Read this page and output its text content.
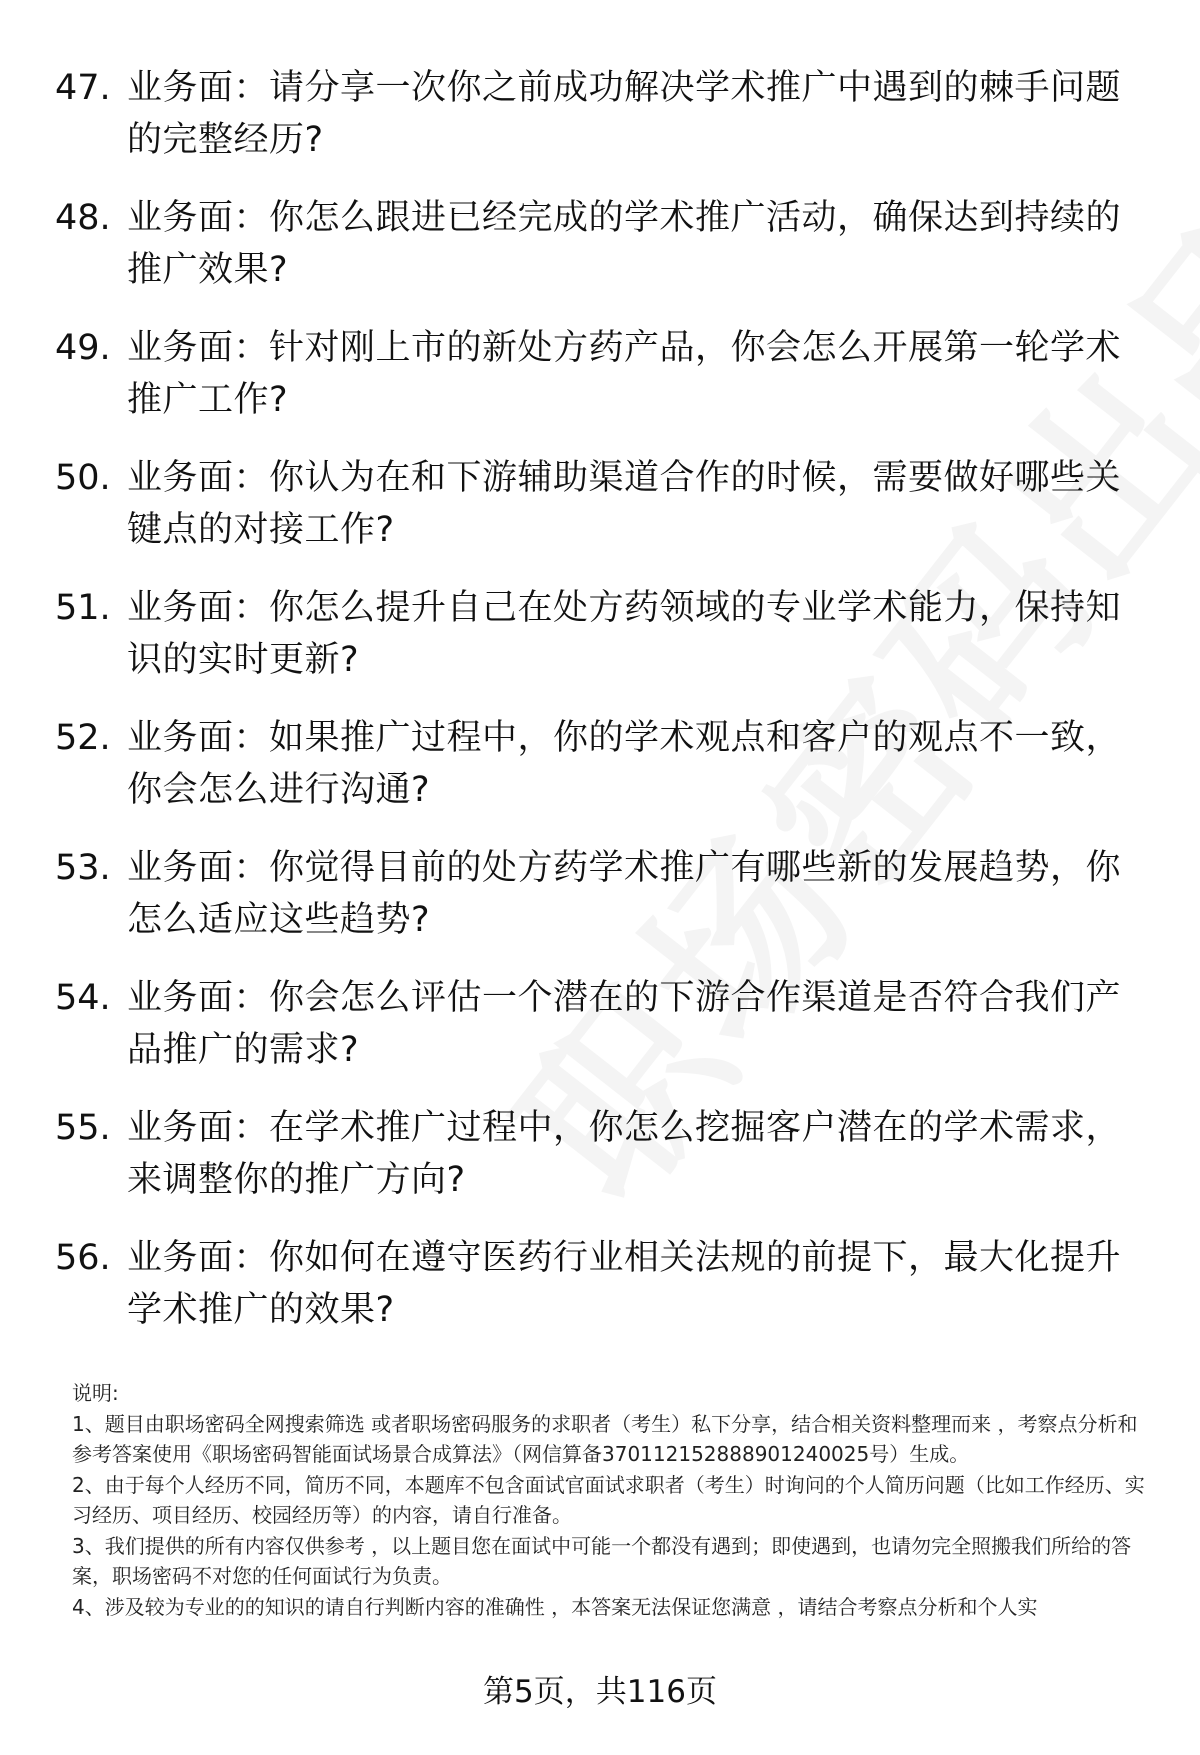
47. 业务面：请分享一次你之前成功解决学术推广中遇到的棘手问题的完整经历?
48. 业务面：你怎么跟进已经完成的学术推广活动，确保达到持续的推广效果?
49. 业务面：针对刚上市的新处方药产品，你会怎么开展第一轮学术推广工作?
50. 业务面：你认为在和下游辅助渠道合作的时候，需要做好哪些关键点的对接工作?
51. 业务面：你怎么提升自己在处方药领域的专业学术能力，保持知识的实时更新?
52. 业务面：如果推广过程中，你的学术观点和客户的观点不一致，你会怎么进行沟通?
53. 业务面：你觉得目前的处方药学术推广有哪些新的发展趋势，你怎么适应这些趋势?
54. 业务面：你会怎么评估一个潜在的下游合作渠道是否符合我们产品推广的需求?
55. 业务面：在学术推广过程中，你怎么挖掘客户潜在的学术需求，来调整你的推广方向?
56. 业务面：你如何在遵守医药行业相关法规的前提下，最大化提升学术推广的效果?

说明:

1、题目由职场密码全网搜索筛选 或者职场密码服务的求职者（考生）私下分享，结合相关资料整理而来 ，考察点分析和参考答案使用《职场密码智能面试场景合成算法》（网信算备370112152888901240025号）生成。

2、由于每个人经历不同，简历不同，本题库不包含面试官面试求职者（考生）时询问的个人简历问题（比如工作经历、实习经历、项目经历、校园经历等）的内容，请自行准备。

3、我们提供的所有内容仅供参考 ，以上题目您在面试中可能一个都没有遇到；即使遇到，也请勿完全照搬我们所给的答案，职场密码不对您的任何面试行为负责。

4、涉及较为专业的的知识的请自行判断内容的准确性 ，本答案无法保证您满意 ，请结合考察点分析和个人实

第5页，共116页
